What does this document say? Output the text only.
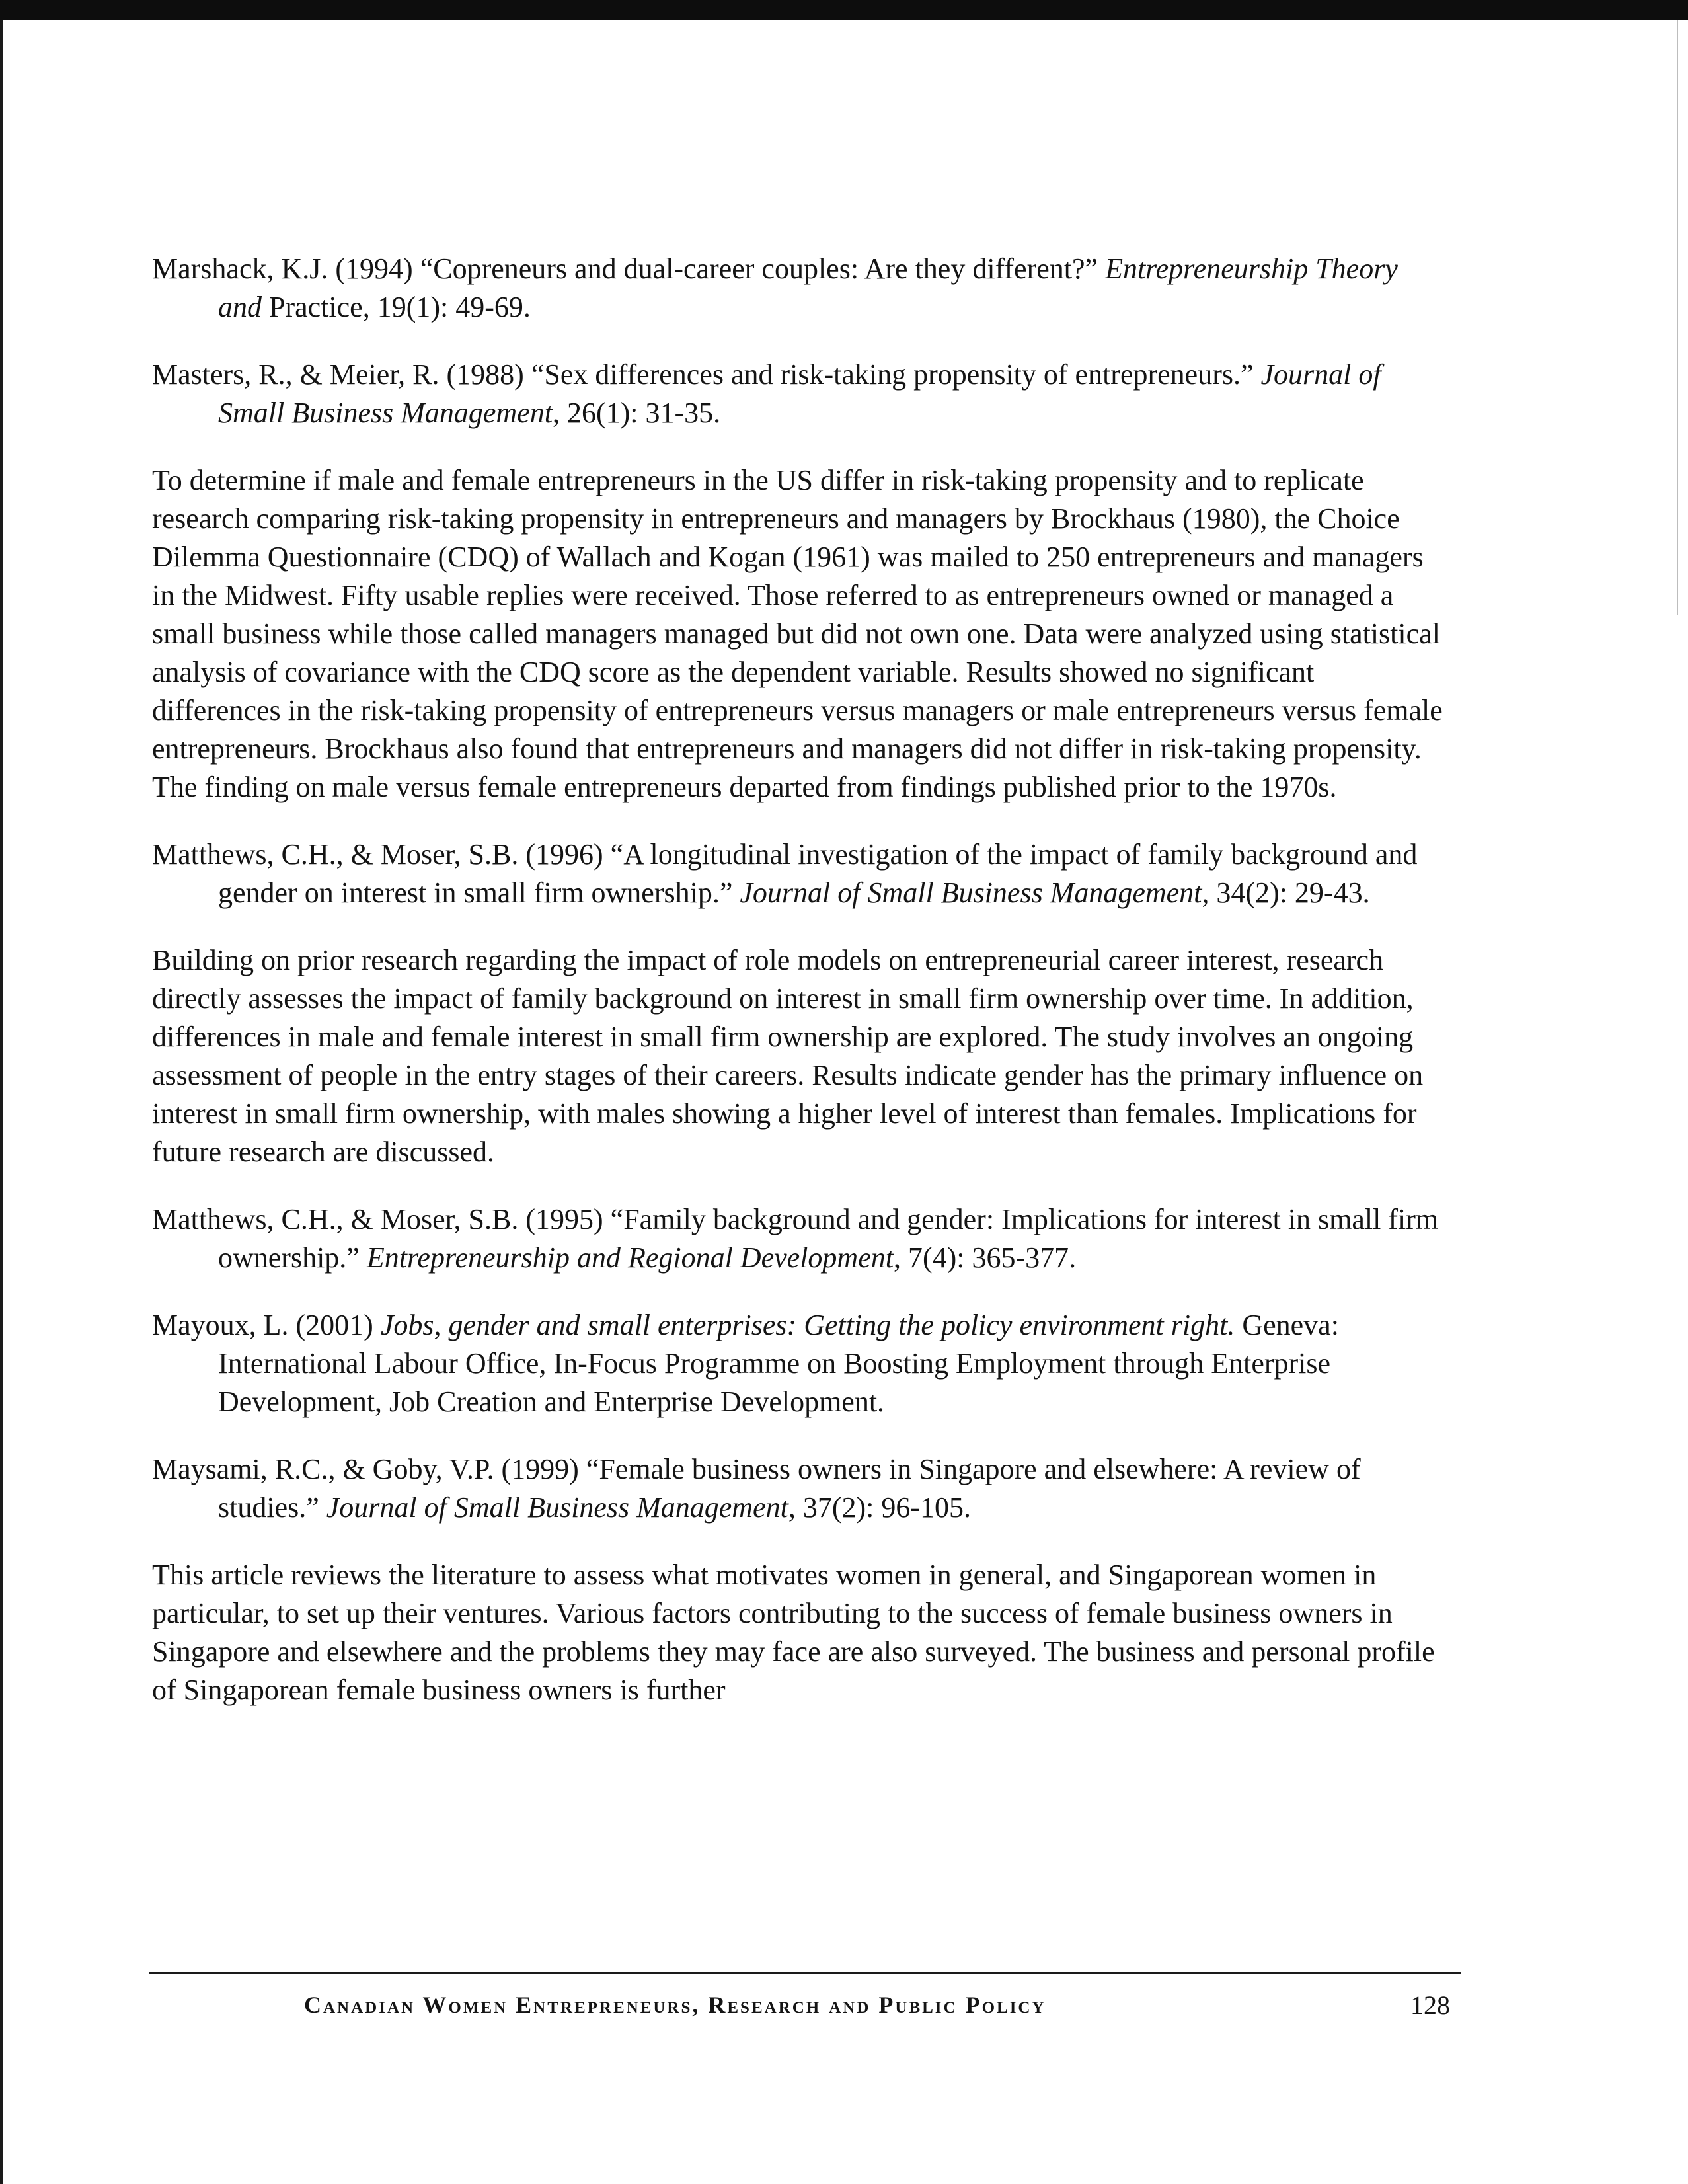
Marshack, K.J. (1994) “Copreneurs and dual-career couples: Are they different?” Entrepreneurship Theory and Practice, 19(1): 49-69.

Masters, R., & Meier, R. (1988) “Sex differences and risk-taking propensity of entrepreneurs.” Journal of Small Business Management, 26(1): 31-35.

To determine if male and female entrepreneurs in the US differ in risk-taking propensity and to replicate research comparing risk-taking propensity in entrepreneurs and managers by Brockhaus (1980), the Choice Dilemma Questionnaire (CDQ) of Wallach and Kogan (1961) was mailed to 250 entrepreneurs and managers in the Midwest. Fifty usable replies were received. Those referred to as entrepreneurs owned or managed a small business while those called managers managed but did not own one. Data were analyzed using statistical analysis of covariance with the CDQ score as the dependent variable. Results showed no significant differences in the risk-taking propensity of entrepreneurs versus managers or male entrepreneurs versus female entrepreneurs. Brockhaus also found that entrepreneurs and managers did not differ in risk-taking propensity. The finding on male versus female entrepreneurs departed from findings published prior to the 1970s.

Matthews, C.H., & Moser, S.B. (1996) “A longitudinal investigation of the impact of family background and gender on interest in small firm ownership.” Journal of Small Business Management, 34(2): 29-43.

Building on prior research regarding the impact of role models on entrepreneurial career interest, research directly assesses the impact of family background on interest in small firm ownership over time. In addition, differences in male and female interest in small firm ownership are explored. The study involves an ongoing assessment of people in the entry stages of their careers. Results indicate gender has the primary influence on interest in small firm ownership, with males showing a higher level of interest than females. Implications for future research are discussed.

Matthews, C.H., & Moser, S.B. (1995) “Family background and gender: Implications for interest in small firm ownership.” Entrepreneurship and Regional Development, 7(4): 365-377.

Mayoux, L. (2001) Jobs, gender and small enterprises: Getting the policy environment right. Geneva: International Labour Office, In-Focus Programme on Boosting Employment through Enterprise Development, Job Creation and Enterprise Development.

Maysami, R.C., & Goby, V.P. (1999) “Female business owners in Singapore and elsewhere: A review of studies.” Journal of Small Business Management, 37(2): 96-105.

This article reviews the literature to assess what motivates women in general, and Singaporean women in particular, to set up their ventures. Various factors contributing to the success of female business owners in Singapore and elsewhere and the problems they may face are also surveyed. The business and personal profile of Singaporean female business owners is further

Canadian Women Entrepreneurs, Research and Public Policy	128
